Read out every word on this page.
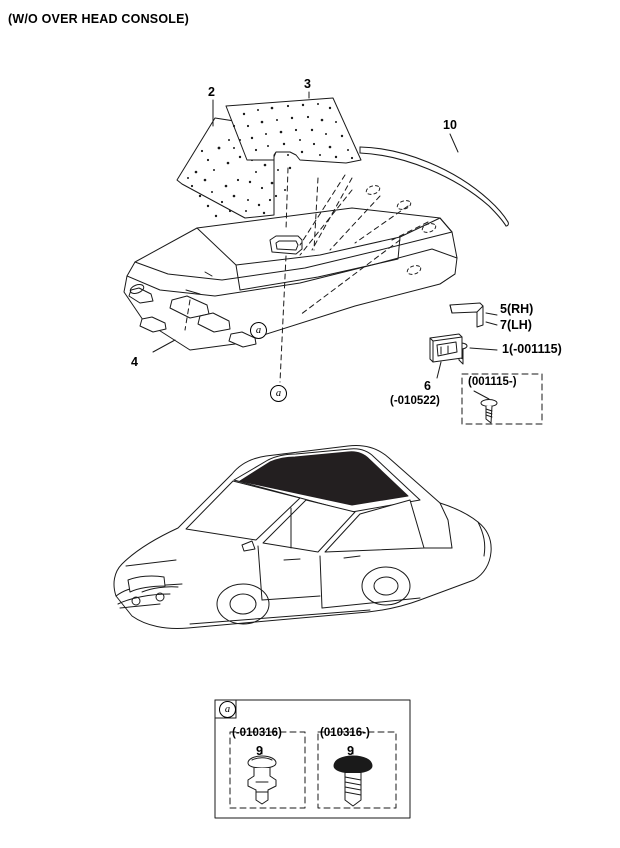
(W/O OVER HEAD CONSOLE)
2
3
10
4
5(RH)
7(LH)
1(-001115)
6
(-010522)
(001115-)
a
a
a
(-010316)
9
(010316-)
9
